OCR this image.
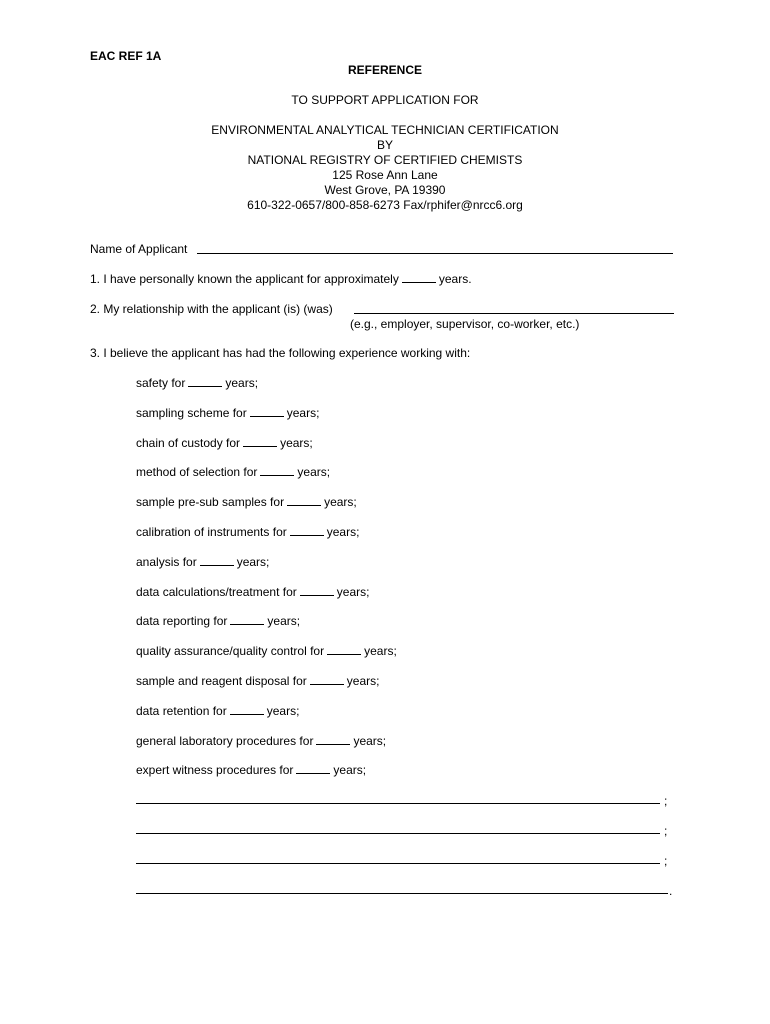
EAC REF 1A
REFERENCE
TO SUPPORT APPLICATION FOR
ENVIRONMENTAL ANALYTICAL TECHNICIAN CERTIFICATION
BY
NATIONAL REGISTRY OF CERTIFIED CHEMISTS
125 Rose Ann Lane
West Grove, PA 19390
610-322-0657/800-858-6273 Fax/rphifer@nrcc6.org
Name of Applicant
1. I have personally known the applicant for approximately	years.
2. My relationship with the applicant (is) (was)
(e.g., employer, supervisor, co-worker, etc.)
3. I believe the applicant has had the following experience working with:
safety for	years;
sampling scheme for	years;
chain of custody for	years;
method of selection for	years;
sample pre-sub samples for	years;
calibration of instruments for	years;
analysis for	years;
data calculations/treatment for	years;
data reporting for	years;
quality assurance/quality control for	years;
sample and reagent disposal for	years;
data retention for	years;
general laboratory procedures for	years;
expert witness procedures for	years;
;
;
;
.
